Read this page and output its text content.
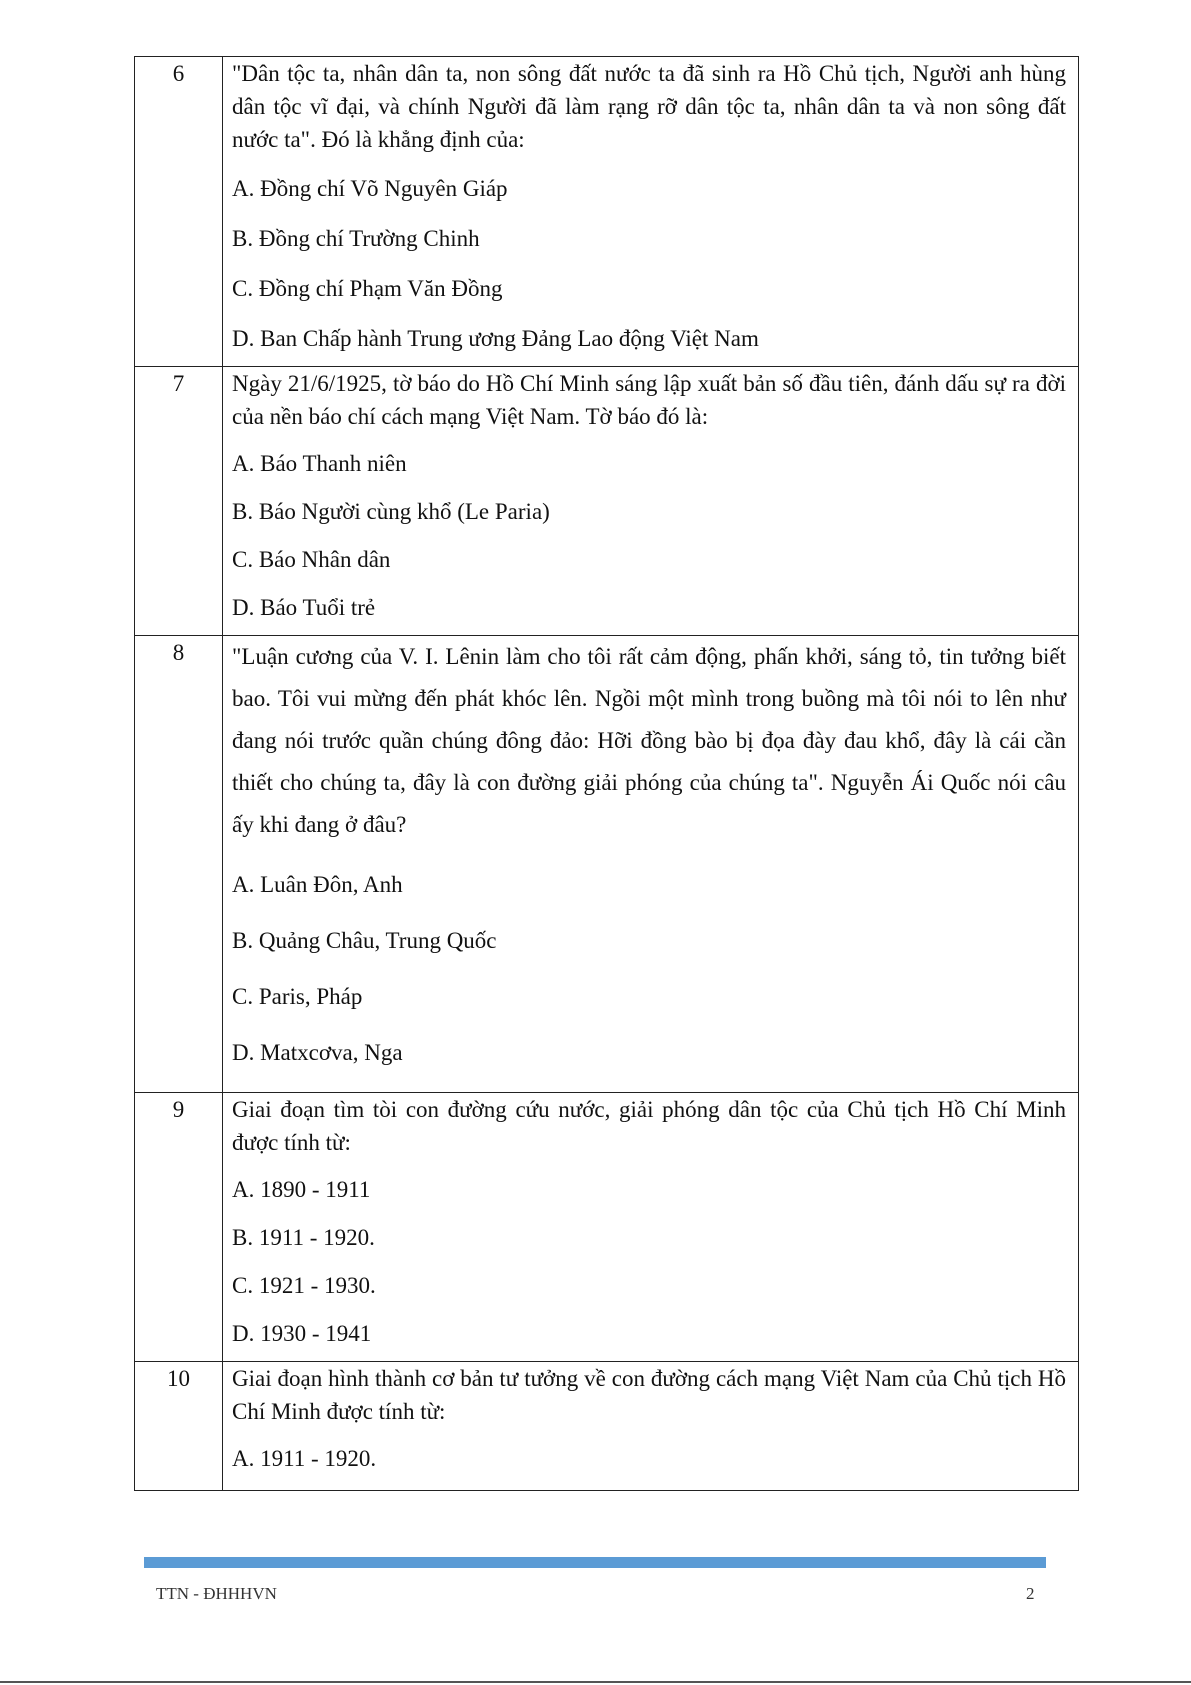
6	"Dân tộc ta, nhân dân ta, non sông đất nước ta đã sinh ra Hồ Chủ tịch, Người anh hùng dân tộc vĩ đại, và chính Người đã làm rạng rỡ dân tộc ta, nhân dân ta và non sông đất nước ta". Đó là khẳng định của:

A. Đồng chí Võ Nguyên Giáp

B. Đồng chí Trường Chinh

C. Đồng chí Phạm Văn Đồng

D. Ban Chấp hành Trung ương Đảng Lao động Việt Nam

7	Ngày 21/6/1925, tờ báo do Hồ Chí Minh sáng lập xuất bản số đầu tiên, đánh dấu sự ra đời của nền báo chí cách mạng Việt Nam. Tờ báo đó là:

A. Báo Thanh niên

B. Báo Người cùng khổ (Le Paria)

C. Báo Nhân dân

D. Báo Tuổi trẻ

8	"Luận cương của V. I. Lênin làm cho tôi rất cảm động, phấn khởi, sáng tỏ, tin tưởng biết bao. Tôi vui mừng đến phát khóc lên. Ngồi một mình trong buồng mà tôi nói to lên như đang nói trước quần chúng đông đảo: Hỡi đồng bào bị đọa đày đau khổ, đây là cái cần thiết cho chúng ta, đây là con đường giải phóng của chúng ta". Nguyễn Ái Quốc nói câu ấy khi đang ở đâu?

A. Luân Đôn, Anh

B. Quảng Châu, Trung Quốc

C. Paris, Pháp

D. Matxcơva, Nga

9	Giai đoạn tìm tòi con đường cứu nước, giải phóng dân tộc của Chủ tịch Hồ Chí Minh được tính từ:

A. 1890 - 1911

B. 1911 - 1920.

C. 1921 - 1930.

D. 1930 - 1941

10	Giai đoạn hình thành cơ bản tư tưởng về con đường cách mạng Việt Nam của Chủ tịch Hồ Chí Minh được tính từ:

A. 1911 - 1920.

TTN - ĐHHHVN	2
